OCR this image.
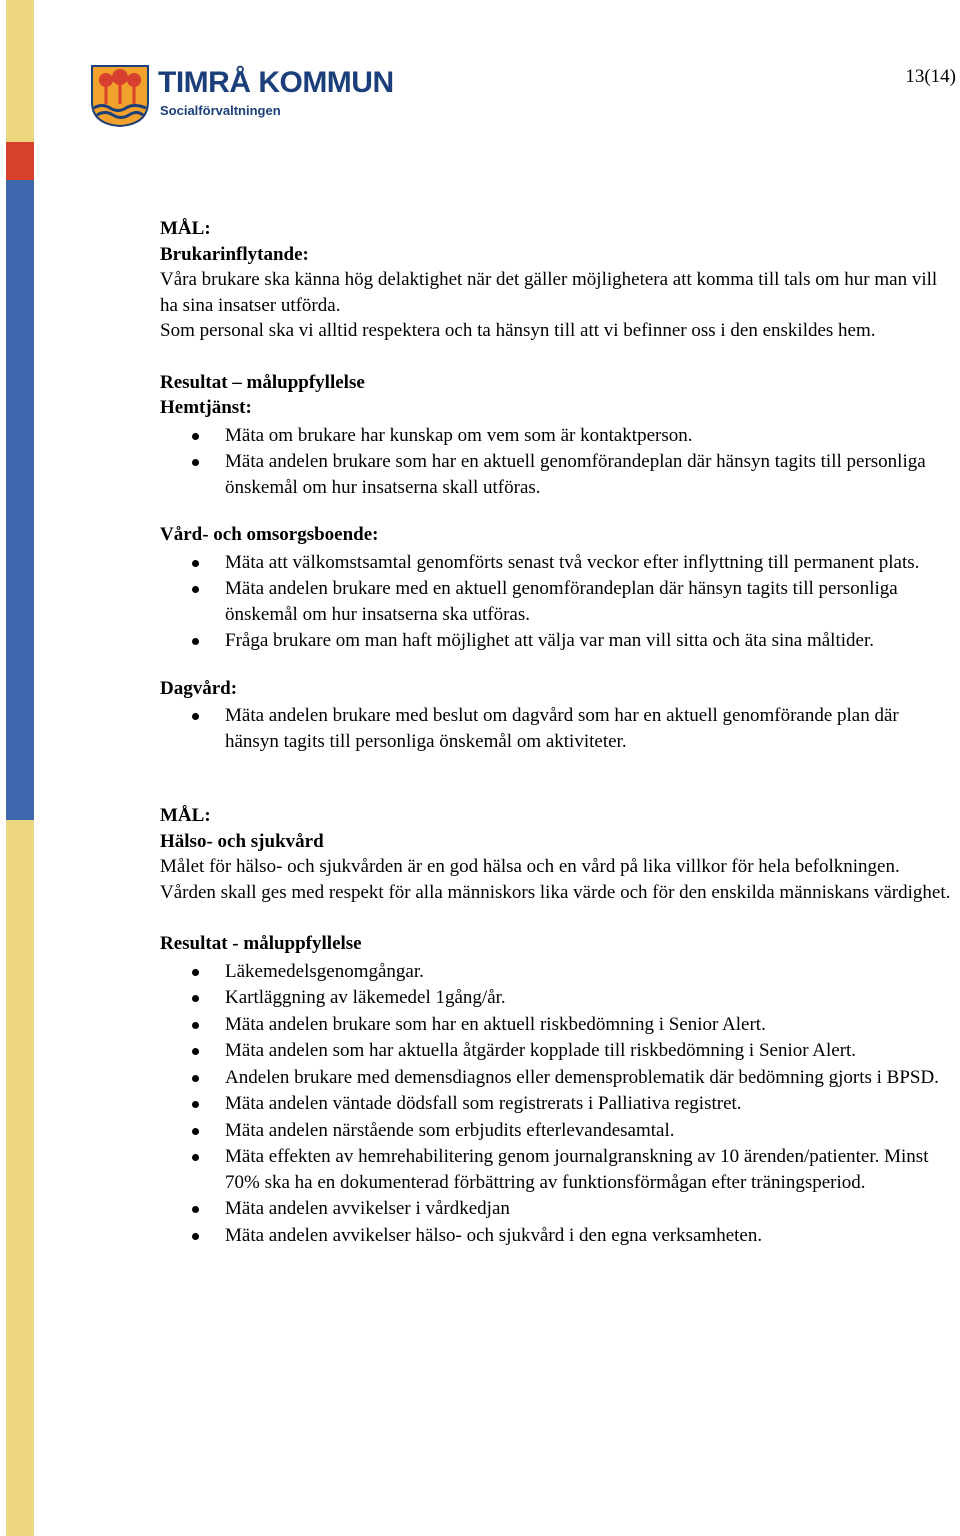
TIMRÅ KOMMUN
Socialförvaltningen
13(14)

MÅL:

Brukarinflytande:

Våra brukare ska känna hög delaktighet när det gäller möjlighetera att komma till tals om hur man vill ha sina insatser utförda.

Som personal ska vi alltid respektera och ta hänsyn till att vi befinner oss i den enskildes hem.

Resultat – måluppfyllelse

Hemtjänst:

Mäta om brukare har kunskap om vem som är kontaktperson.
Mäta andelen brukare som har en aktuell genomförandeplan där hänsyn tagits till personliga önskemål om hur insatserna skall utföras.

Vård- och omsorgsboende:

Mäta att välkomstsamtal genomförts senast två veckor efter inflyttning till permanent plats.
Mäta andelen brukare med en aktuell genomförandeplan där hänsyn tagits till personliga önskemål om hur insatserna ska utföras.
Fråga brukare om man haft möjlighet att välja var man vill sitta och äta sina måltider.

Dagvård:

Mäta andelen brukare med beslut om dagvård som har en aktuell genomförande plan där hänsyn tagits till personliga önskemål om aktiviteter.

MÅL:

Hälso- och sjukvård

Målet för hälso- och sjukvården är en god hälsa och en vård på lika villkor för hela befolkningen. Vården skall ges med respekt för alla människors lika värde och för den enskilda människans värdighet.

Resultat - måluppfyllelse

Läkemedelsgenomgångar.
Kartläggning av läkemedel 1gång/år.
Mäta andelen brukare som har en aktuell riskbedömning i Senior Alert.
Mäta andelen som har aktuella åtgärder kopplade till riskbedömning i Senior Alert.
Andelen brukare med demensdiagnos eller demensproblematik där bedömning gjorts i BPSD.
Mäta andelen väntade dödsfall som registrerats i Palliativa registret.
Mäta andelen närstående som erbjudits efterlevandesamtal.
Mäta effekten av hemrehabilitering genom journalgranskning av 10 ärenden/patienter. Minst 70% ska ha en dokumenterad förbättring av funktionsförmågan efter träningsperiod.
Mäta andelen avvikelser i vårdkedjan
Mäta andelen avvikelser hälso- och sjukvård i den egna verksamheten.
